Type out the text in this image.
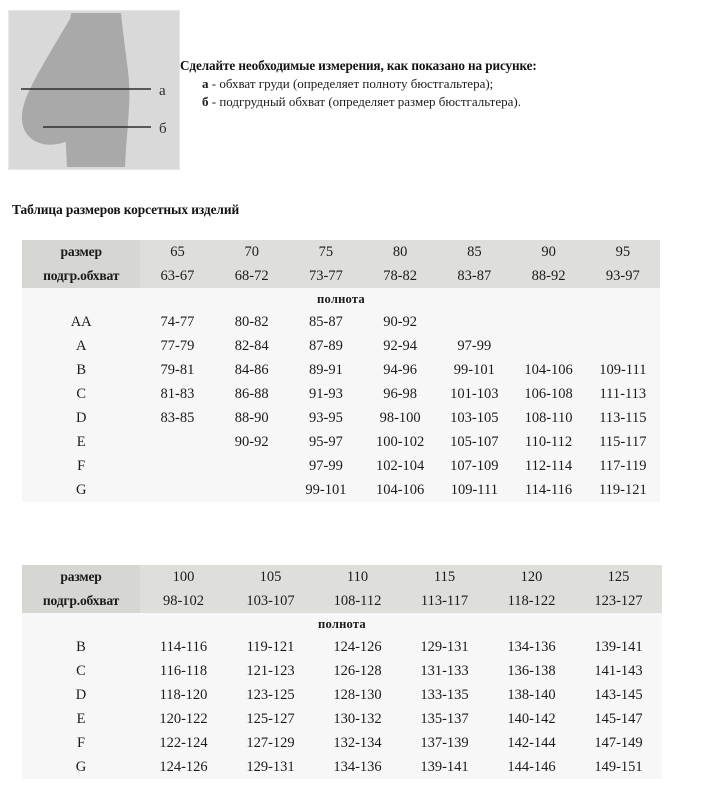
а
б
Сделайте необходимые измерения, как показано на рисунке:
а - обхват груди (определяет полноту бюстгальтера);
б - подгрудный обхват (определяет размер бюстгальтера).
Таблица размеров корсетных изделий
размер	65	70	75	80	85	90	95
подгр.обхват	63-67	68-72	73-77	78-82	83-87	88-92	93-97
полнота							
AA	74-77	80-82	85-87	90-92			
A	77-79	82-84	87-89	92-94	97-99		
B	79-81	84-86	89-91	94-96	99-101	104-106	109-111
C	81-83	86-88	91-93	96-98	101-103	106-108	111-113
D	83-85	88-90	93-95	98-100	103-105	108-110	113-115
E		90-92	95-97	100-102	105-107	110-112	115-117
F			97-99	102-104	107-109	112-114	117-119
G			99-101	104-106	109-111	114-116	119-121
размер	100	105	110	115	120	125
подгр.обхват	98-102	103-107	108-112	113-117	118-122	123-127
полнота						
B	114-116	119-121	124-126	129-131	134-136	139-141
C	116-118	121-123	126-128	131-133	136-138	141-143
D	118-120	123-125	128-130	133-135	138-140	143-145
E	120-122	125-127	130-132	135-137	140-142	145-147
F	122-124	127-129	132-134	137-139	142-144	147-149
G	124-126	129-131	134-136	139-141	144-146	149-151
